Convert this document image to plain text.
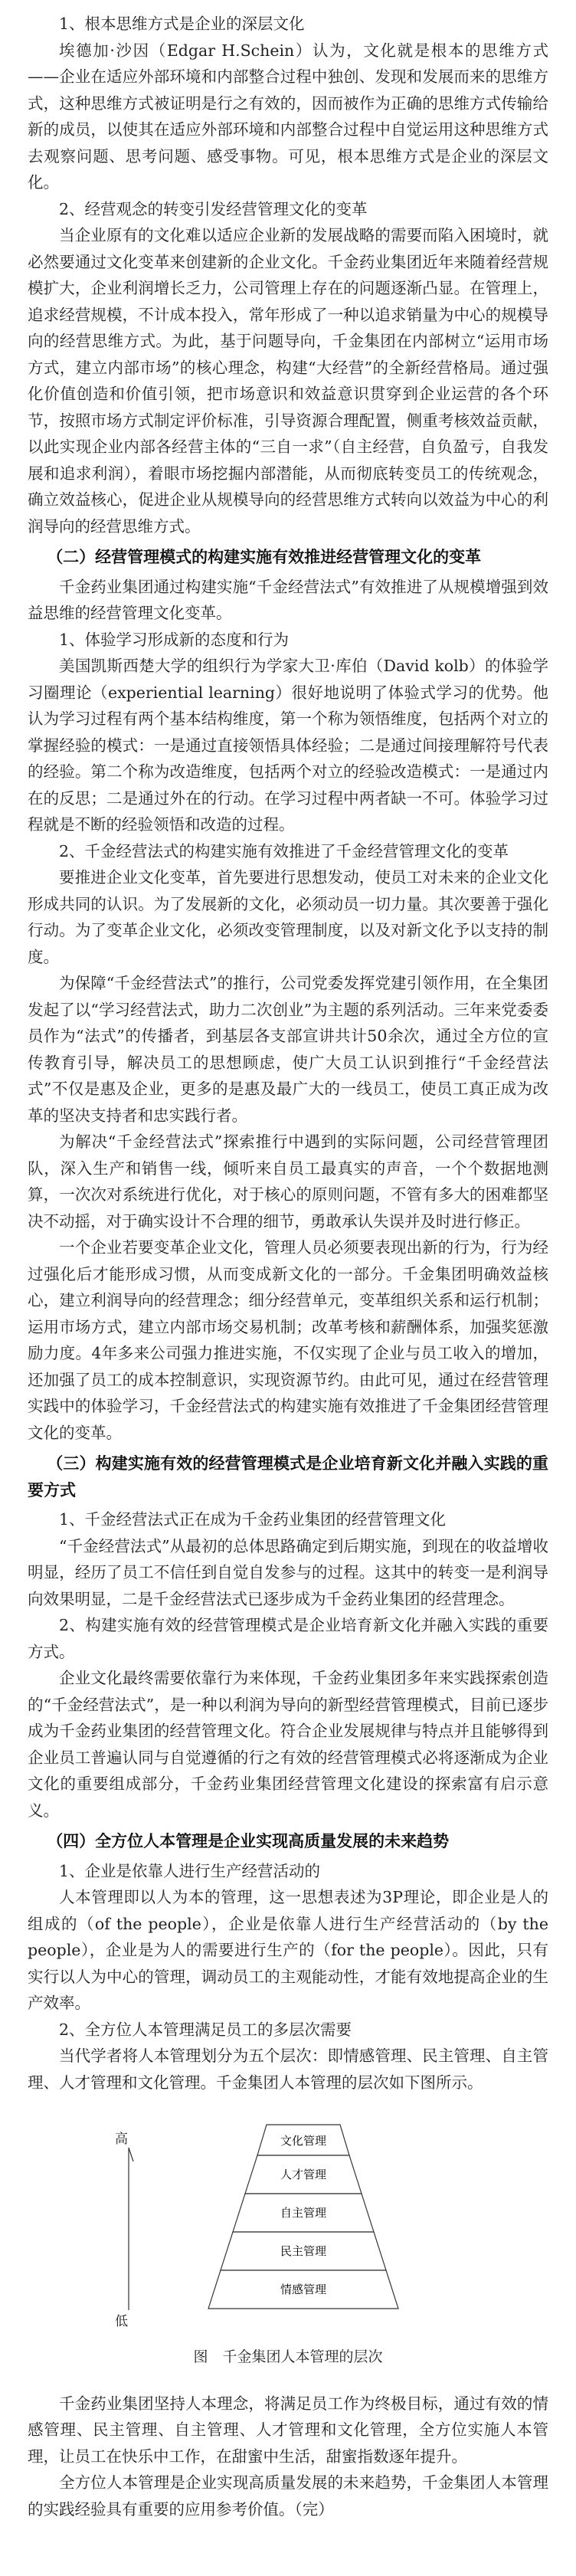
1、根本思维方式是企业的深层文化

埃德加·沙因（Edgar H.Schein）认为，文化就是根本的思维方式——企业在适应外部环境和内部整合过程中独创、发现和发展而来的思维方式，这种思维方式被证明是行之有效的，因而被作为正确的思维方式传输给新的成员，以使其在适应外部环境和内部整合过程中自觉运用这种思维方式去观察问题、思考问题、感受事物。可见，根本思维方式是企业的深层文化。

2、经营观念的转变引发经营管理文化的变革

当企业原有的文化难以适应企业新的发展战略的需要而陷入困境时，就必然要通过文化变革来创建新的企业文化。千金药业集团近年来随着经营规模扩大，企业利润增长乏力，公司管理上存在的问题逐渐凸显。在管理上，追求经营规模，不计成本投入，常年形成了一种以追求销量为中心的规模导向的经营思维方式。为此，基于问题导向，千金集团在内部树立“运用市场方式，建立内部市场”的核心理念，构建“大经营”的全新经营格局。通过强化价值创造和价值引领，把市场意识和效益意识贯穿到企业运营的各个环节，按照市场方式制定评价标准，引导资源合理配置，侧重考核效益贡献，以此实现企业内部各经营主体的“三自一求”（自主经营，自负盈亏，自我发展和追求利润），着眼市场挖掘内部潜能，从而彻底转变员工的传统观念，确立效益核心，促进企业从规模导向的经营思维方式转向以效益为中心的利润导向的经营思维方式。

（二）经营管理模式的构建实施有效推进经营管理文化的变革

千金药业集团通过构建实施“千金经营法式”有效推进了从规模增强到效益思维的经营管理文化变革。

1、体验学习形成新的态度和行为

美国凯斯西楚大学的组织行为学家大卫·库伯（David kolb）的体验学习圈理论（experiential learning）很好地说明了体验式学习的优势。他认为学习过程有两个基本结构维度，第一个称为领悟维度，包括两个对立的掌握经验的模式：一是通过直接领悟具体经验；二是通过间接理解符号代表的经验。第二个称为改造维度，包括两个对立的经验改造模式：一是通过内在的反思；二是通过外在的行动。在学习过程中两者缺一不可。体验学习过程就是不断的经验领悟和改造的过程。

2、千金经营法式的构建实施有效推进了千金经营管理文化的变革

要推进企业文化变革，首先要进行思想发动，使员工对未来的企业文化形成共同的认识。为了发展新的文化，必须动员一切力量。其次要善于强化行动。为了变革企业文化，必须改变管理制度，以及对新文化予以支持的制度。

为保障“千金经营法式”的推行，公司党委发挥党建引领作用，在全集团发起了以“学习经营法式，助力二次创业”为主题的系列活动。三年来党委委员作为“法式”的传播者，到基层各支部宣讲共计50余次，通过全方位的宣传教育引导，解决员工的思想顾虑，使广大员工认识到推行“千金经营法式”不仅是惠及企业，更多的是惠及最广大的一线员工，使员工真正成为改革的坚决支持者和忠实践行者。

为解决“千金经营法式”探索推行中遇到的实际问题，公司经营管理团队，深入生产和销售一线，倾听来自员工最真实的声音，一个个数据地测算，一次次对系统进行优化，对于核心的原则问题，不管有多大的困难都坚决不动摇，对于确实设计不合理的细节，勇敢承认失误并及时进行修正。

一个企业若要变革企业文化，管理人员必须要表现出新的行为，行为经过强化后才能形成习惯，从而变成新文化的一部分。千金集团明确效益核心，建立利润导向的经营理念；细分经营单元，变革组织关系和运行机制；运用市场方式，建立内部市场交易机制；改革考核和薪酬体系，加强奖惩激励力度。4年多来公司强力推进实施，不仅实现了企业与员工收入的增加，还加强了员工的成本控制意识，实现资源节约。由此可见，通过在经营管理实践中的体验学习，千金经营法式的构建实施有效推进了千金集团经营管理文化的变革。

（三）构建实施有效的经营管理模式是企业培育新文化并融入实践的重要方式

1、千金经营法式正在成为千金药业集团的经营管理文化

“千金经营法式”从最初的总体思路确定到后期实施，到现在的收益增收明显，经历了员工不信任到自觉自发参与的过程。这其中的转变一是利润导向效果明显，二是千金经营法式已逐步成为千金药业集团的经营理念。

2、构建实施有效的经营管理模式是企业培育新文化并融入实践的重要方式。

企业文化最终需要依靠行为来体现，千金药业集团多年来实践探索创造的“千金经营法式”，是一种以利润为导向的新型经营管理模式，目前已逐步成为千金药业集团的经营管理文化。符合企业发展规律与特点并且能够得到企业员工普遍认同与自觉遵循的行之有效的经营管理模式必将逐渐成为企业文化的重要组成部分，千金药业集团经营管理文化建设的探索富有启示意义。

（四）全方位人本管理是企业实现高质量发展的未来趋势

1、企业是依靠人进行生产经营活动的

人本管理即以人为本的管理，这一思想表述为3P理论，即企业是人的组成的（of the people），企业是依靠人进行生产经营活动的（by the people），企业是为人的需要进行生产的（for the people）。因此，只有实行以人为中心的管理，调动员工的主观能动性，才能有效地提高企业的生产效率。

2、全方位人本管理满足员工的多层次需要

当代学者将人本管理划分为五个层次：即情感管理、民主管理、自主管理、人才管理和文化管理。千金集团人本管理的层次如下图所示。

高
低
文化管理
人才管理
自主管理
民主管理
情感管理

图　千金集团人本管理的层次

千金药业集团坚持人本理念，将满足员工作为终极目标，通过有效的情感管理、民主管理、自主管理、人才管理和文化管理，全方位实施人本管理，让员工在快乐中工作，在甜蜜中生活，甜蜜指数逐年提升。

全方位人本管理是企业实现高质量发展的未来趋势，千金集团人本管理的实践经验具有重要的应用参考价值。（完）
